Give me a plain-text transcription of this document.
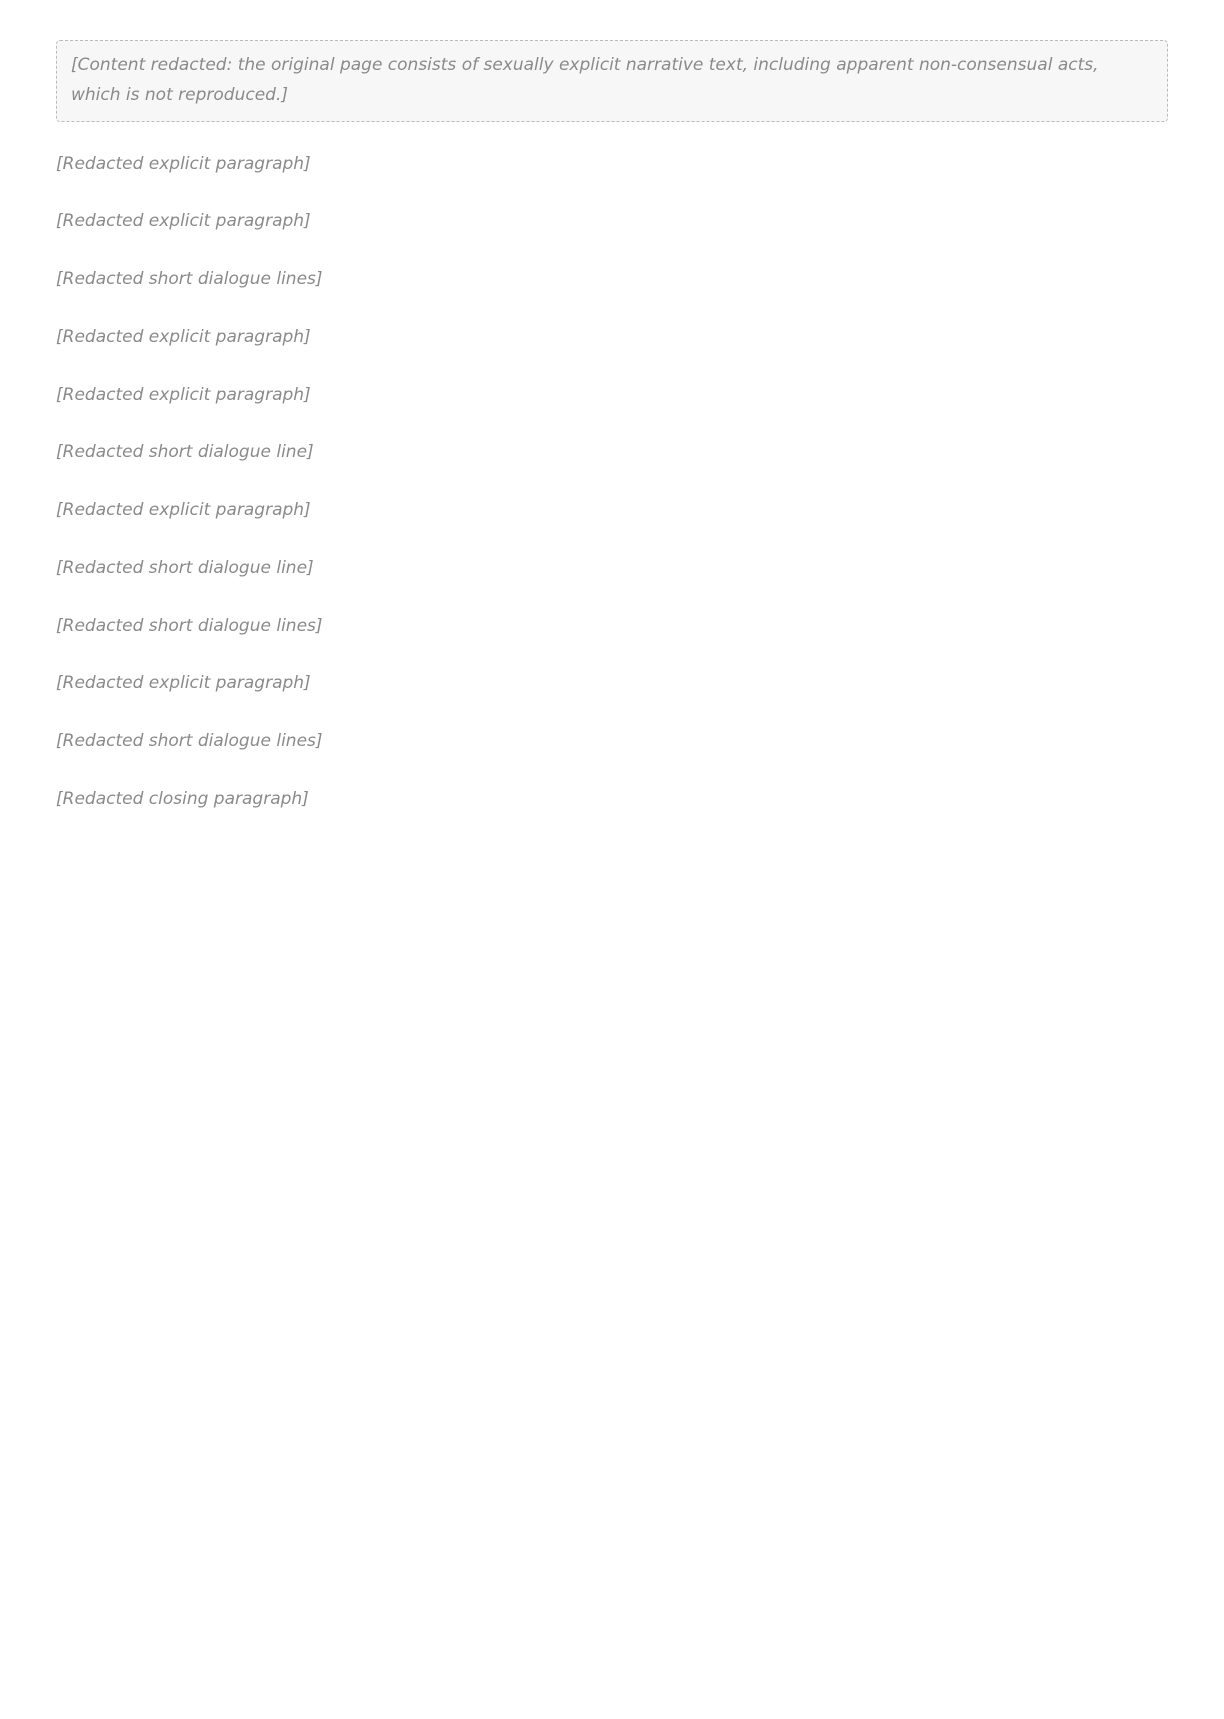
[Content redacted: the original page consists of sexually explicit narrative text, including apparent non-consensual acts, which is not reproduced.]

[Redacted explicit paragraph]

[Redacted explicit paragraph]

[Redacted short dialogue lines]

[Redacted explicit paragraph]

[Redacted explicit paragraph]

[Redacted short dialogue line]

[Redacted explicit paragraph]

[Redacted short dialogue line]

[Redacted short dialogue lines]

[Redacted explicit paragraph]

[Redacted short dialogue lines]

[Redacted closing paragraph]
